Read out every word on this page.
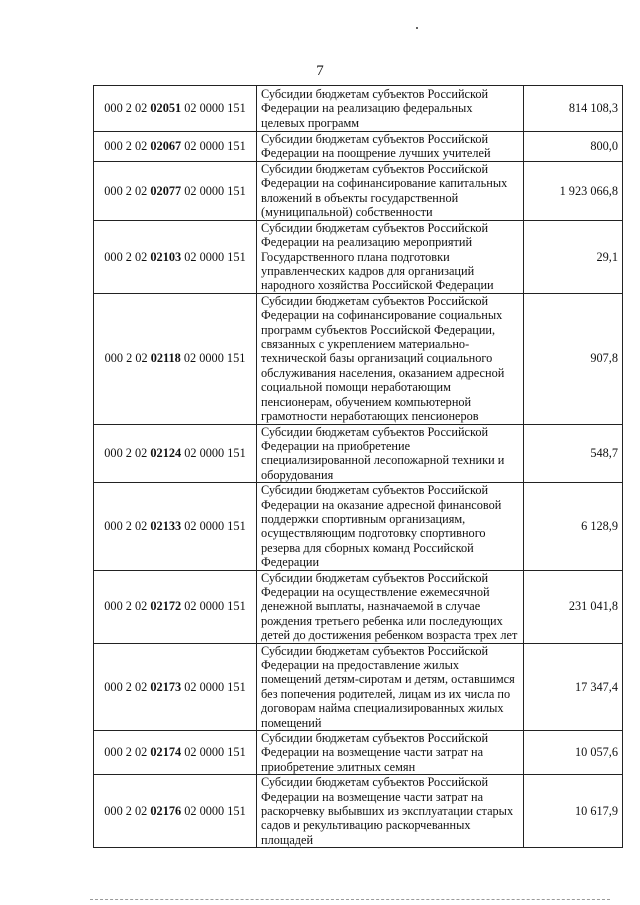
7
000 2 02 02051 02 0000 151	Субсидии бюджетам субъектов Российской Федерации на реализацию федеральных целевых программ	814 108,3
000 2 02 02067 02 0000 151	Субсидии бюджетам субъектов Российской Федерации на поощрение лучших учителей	800,0
000 2 02 02077 02 0000 151	Субсидии бюджетам субъектов Российской Федерации на софинансирование капитальных вложений в объекты государственной (муниципальной) собственности	1 923 066,8
000 2 02 02103 02 0000 151	Субсидии бюджетам субъектов Российской Федерации на реализацию мероприятий Государственного плана подготовки управленческих кадров для организаций народного хозяйства Российской Федерации	29,1
000 2 02 02118 02 0000 151	Субсидии бюджетам субъектов Российской Федерации на софинансирование социальных программ субъектов Российской Федерации, связанных с укреплением материально-технической базы организаций социального обслуживания населения, оказанием адресной социальной помощи неработающим пенсионерам, обучением компьютерной грамотности неработающих пенсионеров	907,8
000 2 02 02124 02 0000 151	Субсидии бюджетам субъектов Российской Федерации на приобретение специализированной лесопожарной техники и оборудования	548,7
000 2 02 02133 02 0000 151	Субсидии бюджетам субъектов Российской Федерации на оказание адресной финансовой поддержки спортивным организациям, осуществляющим подготовку спортивного резерва для сборных команд Российской Федерации	6 128,9
000 2 02 02172 02 0000 151	Субсидии бюджетам субъектов Российской Федерации на осуществление ежемесячной денежной выплаты, назначаемой в случае рождения третьего ребенка или последующих детей до достижения ребенком возраста трех лет	231 041,8
000 2 02 02173 02 0000 151	Субсидии бюджетам субъектов Российской Федерации на предоставление жилых помещений детям-сиротам и детям, оставшимся без попечения родителей, лицам из их числа по договорам найма специализированных жилых помещений	17 347,4
000 2 02 02174 02 0000 151	Субсидии бюджетам субъектов Российской Федерации на возмещение части затрат на приобретение элитных семян	10 057,6
000 2 02 02176 02 0000 151	Субсидии бюджетам субъектов Российской Федерации на возмещение части затрат на раскорчевку выбывших из эксплуатации старых садов и рекультивацию раскорчеванных площадей	10 617,9
